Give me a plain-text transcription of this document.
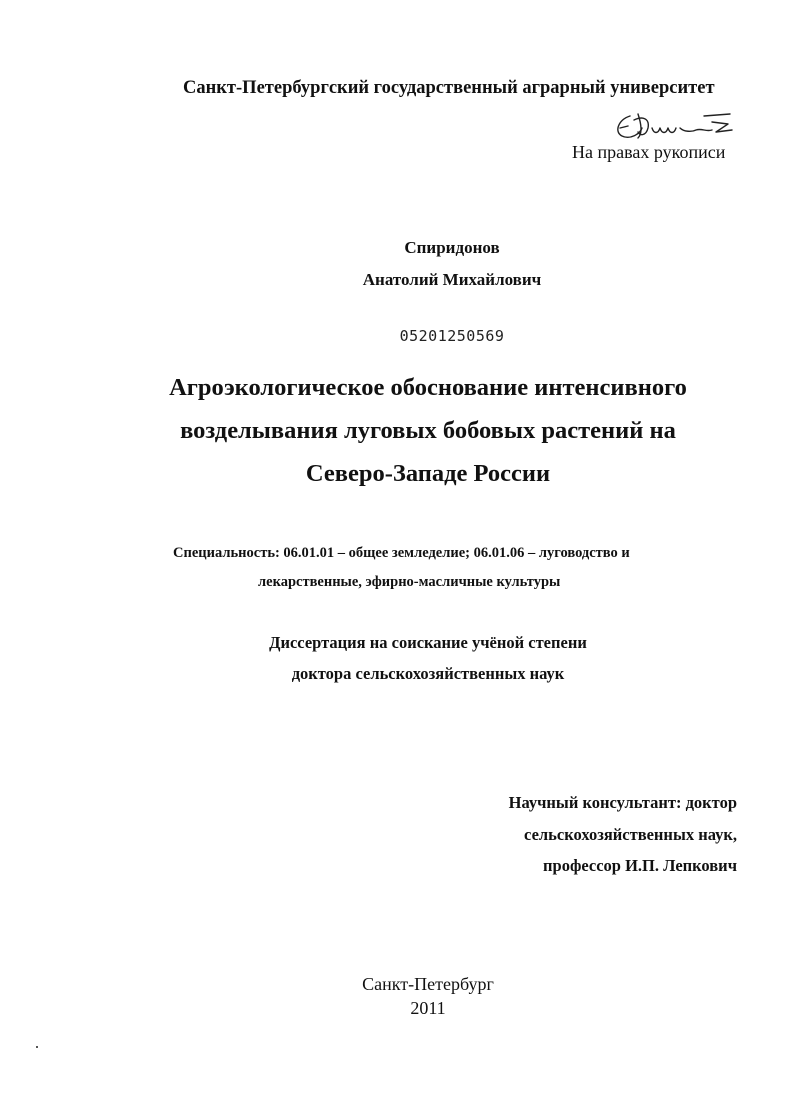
Санкт-Петербургский государственный аграрный университет
На правах рукописи
Спиридонов
Анатолий Михайлович
05201250569
Агроэкологическое обоснование интенсивного
возделывания луговых бобовых растений на
Северо-Западе России
Специальность: 06.01.01 – общее земледелие; 06.01.06 – луговодство и
лекарственные, эфирно-масличные культуры
Диссертация на соискание учёной степени
доктора сельскохозяйственных наук
Научный консультант: доктор
сельскохозяйственных наук,
профессор И.П. Лепкович
Санкт-Петербург
2011
